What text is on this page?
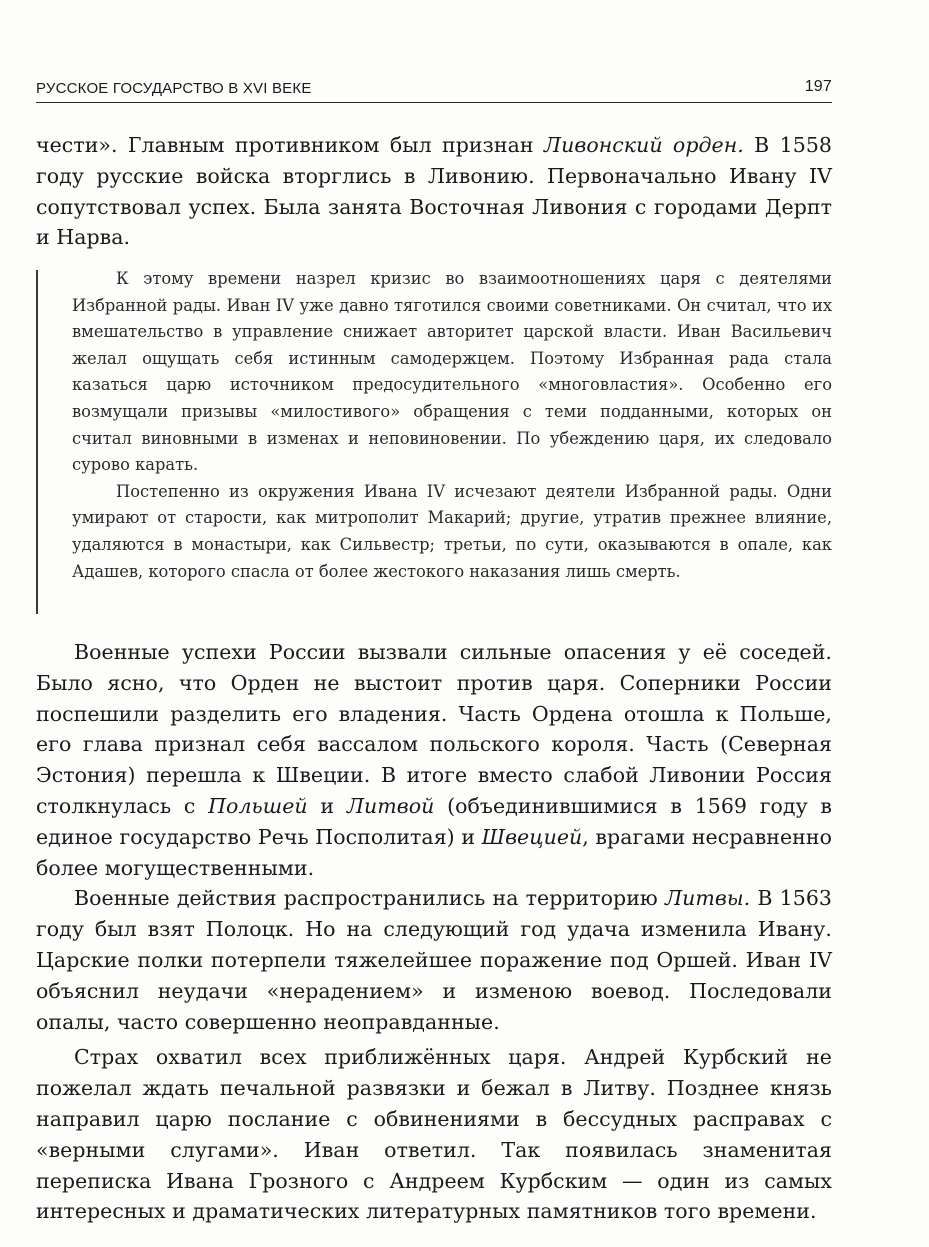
РУССКОЕ ГОСУДАРСТВО В XVI ВЕКЕ	197

чести». Главным противником был признан Ливонский орден. В 1558 году русские войска вторглись в Ливонию. Первоначально Ивану IV сопутствовал успех. Была занята Восточная Ливония с городами Дерпт и Нарва.

К этому времени назрел кризис во взаимоотношениях царя с деятелями Избранной рады. Иван IV уже давно тяготился своими советниками. Он считал, что их вмешательство в управление снижает авторитет царской власти. Иван Васильевич желал ощущать себя истинным самодержцем. Поэтому Избранная рада стала казаться царю источником предосудительного «многовластия». Особенно его возмущали призывы «милостивого» обращения с теми подданными, которых он считал виновными в изменах и неповиновении. По убеждению царя, их следовало сурово карать.

Постепенно из окружения Ивана IV исчезают деятели Избранной рады. Одни умирают от старости, как митрополит Макарий; другие, утратив прежнее влияние, удаляются в монастыри, как Сильвестр; третьи, по сути, оказываются в опале, как Адашев, которого спасла от более жестокого наказания лишь смерть.

Военные успехи России вызвали сильные опасения у её соседей. Было ясно, что Орден не выстоит против царя. Соперники России поспешили разделить его владения. Часть Ордена отошла к Польше, его глава признал себя вассалом польского короля. Часть (Северная Эстония) перешла к Швеции. В итоге вместо слабой Ливонии Россия столкнулась с Польшей и Литвой (объединившимися в 1569 году в единое государство Речь Посполитая) и Швецией, врагами несравненно более могущественными.

Военные действия распространились на территорию Литвы. В 1563 году был взят Полоцк. Но на следующий год удача изменила Ивану. Царские полки потерпели тяжелейшее поражение под Оршей. Иван IV объяснил неудачи «нерадением» и изменою воевод. Последовали опалы, часто совершенно неоправданные.

Страх охватил всех приближённых царя. Андрей Курбский не пожелал ждать печальной развязки и бежал в Литву. Позднее князь направил царю послание с обвинениями в бессудных расправах с «верными слугами». Иван ответил. Так появилась знаменитая переписка Ивана Грозного с Андреем Курбским — один из самых интересных и драматических литературных памятников того времени.
